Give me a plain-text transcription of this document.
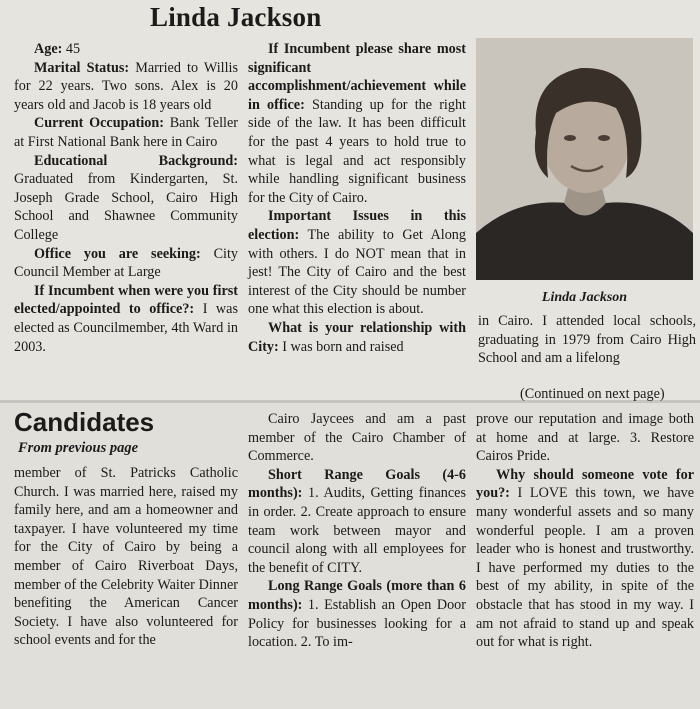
Linda Jackson

Age: 45

Marital Status: Married to Willis for 22 years. Two sons. Alex is 20 years old and Jacob is 18 years old

Current Occupation: Bank Teller at First National Bank here in Cairo

Educational Background: Graduated from Kindergarten, St. Joseph Grade School, Cairo High School and Shawnee Community College

Office you are seeking: City Council Member at Large

If Incumbent when were you first elected/appointed to office?: I was elected as Councilmember, 4th Ward in 2003.

If Incumbent please share most significant accomplishment/achievement while in office: Standing up for the right side of the law. It has been difficult for the past 4 years to hold true to what is legal and act responsibly while handling significant business for the City of Cairo.

Important Issues in this election: The ability to Get Along with others. I do NOT mean that in jest! The City of Cairo and the best interest of the City should be number one what this election is about.

What is your relationship with City: I was born and raised

Linda Jackson

in Cairo. I attended local schools, graduating in 1979 from Cairo High School and am a lifelong

(Continued on next page)
Candidates
From previous page

member of St. Patricks Catholic Church. I was married here, raised my family here, and am a homeowner and taxpayer. I have volunteered my time for the City of Cairo by being a member of Cairo Riverboat Days, member of the Celebrity Waiter Dinner benefiting the American Cancer Society. I have also volunteered for school events and for the

Cairo Jaycees and am a past member of the Cairo Chamber of Commerce.

Short Range Goals (4-6 months): 1. Audits, Getting finances in order. 2. Create approach to ensure team work between mayor and council along with all employees for the benefit of CITY.

Long Range Goals (more than 6 months): 1. Establish an Open Door Policy for businesses looking for a location. 2. To im-

prove our reputation and image both at home and at large. 3. Restore Cairos Pride.

Why should someone vote for you?: I LOVE this town, we have many wonderful assets and so many wonderful people. I am a proven leader who is honest and trustworthy. I have performed my duties to the best of my ability, in spite of the obstacle that has stood in my way. I am not afraid to stand up and speak out for what is right.
